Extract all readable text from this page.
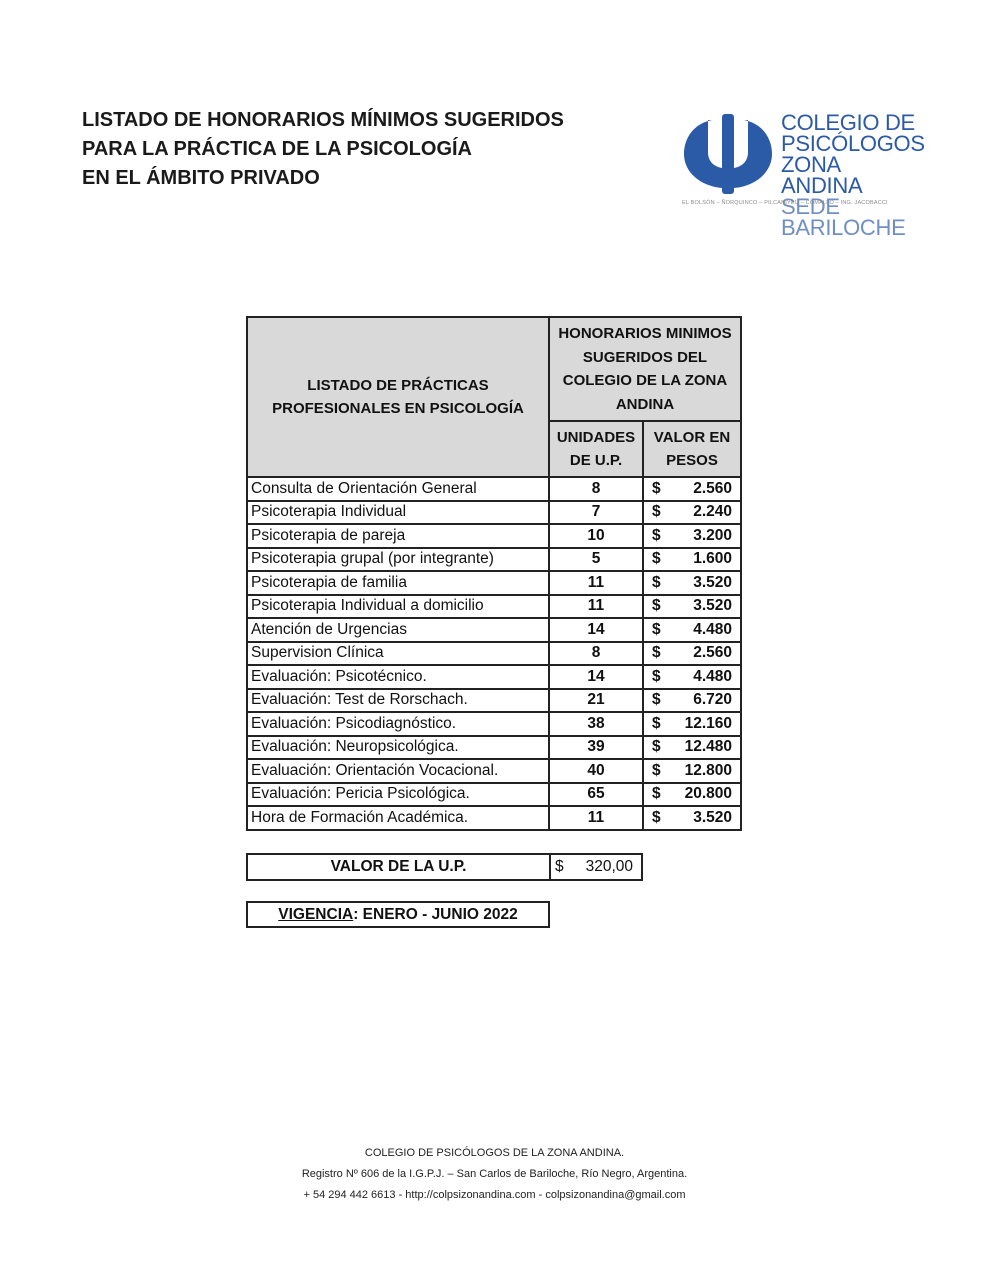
LISTADO DE HONORARIOS MÍNIMOS SUGERIDOS
PARA LA PRÁCTICA DE LA PSICOLOGÍA
EN EL ÁMBITO PRIVADO
COLEGIO DE
PSICÓLOGOS
ZONA ANDINA
SEDE BARILOCHE
EL BOLSÓN – ÑORQUINCO – PILCANIYEU – COMALLO – ING. JACOBACCI
LISTADO DE PRÁCTICAS PROFESIONALES EN PSICOLOGÍA	HONORARIOS MINIMOS SUGERIDOS DEL COLEGIO DE LA ZONA ANDINA	

	UNIDADES DE U.P.	VALOR EN PESOS

Consulta de Orientación General	8	$ 2.560

Psicoterapia Individual	7	$ 2.240

Psicoterapia de pareja	10	$ 3.200

Psicoterapia grupal (por integrante)	5	$ 1.600

Psicoterapia de familia	11	$ 3.520

Psicoterapia Individual a domicilio	11	$ 3.520

Atención de Urgencias	14	$ 4.480

Supervision Clínica	8	$ 2.560

Evaluación: Psicotécnico.	14	$ 4.480

Evaluación: Test de Rorschach.	21	$ 6.720

Evaluación: Psicodiagnóstico.	38	$ 12.160

Evaluación: Neuropsicológica.	39	$ 12.480

Evaluación: Orientación Vocacional.	40	$ 12.800

Evaluación: Pericia Psicológica.	65	$ 20.800

Hora de Formación Académica.	11	$ 3.520
VALOR DE LA U.P.	$ 320,00
VIGENCIA: ENERO - JUNIO 2022
COLEGIO DE PSICÓLOGOS DE LA ZONA ANDINA.
Registro Nº 606 de la I.G.P.J. – San Carlos de Bariloche, Río Negro, Argentina.
+ 54 294 442 6613 - http://colpsizonandina.com - colpsizonandina@gmail.com
